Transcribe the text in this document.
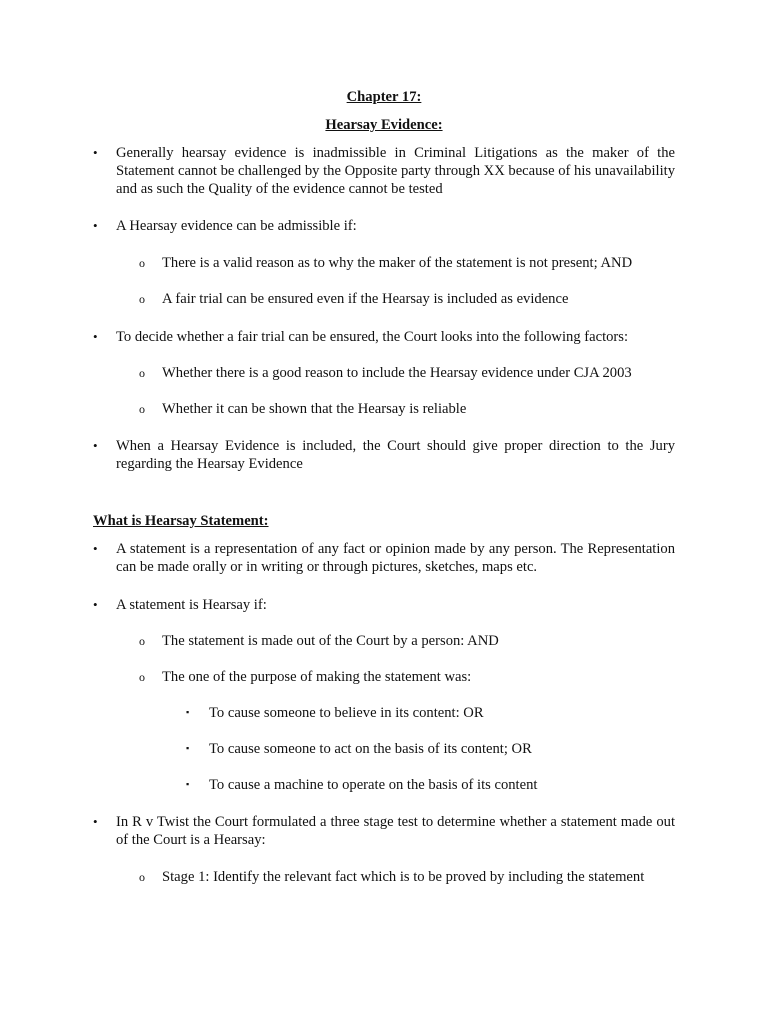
Chapter 17:
Hearsay Evidence:
• Generally hearsay evidence is inadmissible in Criminal Litigations as the maker of the Statement cannot be challenged by the Opposite party through XX because of his unavailability and as such the Quality of the evidence cannot be tested
• A Hearsay evidence can be admissible if:
o There is a valid reason as to why the maker of the statement is not present; AND
o A fair trial can be ensured even if the Hearsay is included as evidence
• To decide whether a fair trial can be ensured, the Court looks into the following factors:
o Whether there is a good reason to include the Hearsay evidence under CJA 2003
o Whether it can be shown that the Hearsay is reliable
• When a Hearsay Evidence is included, the Court should give proper direction to the Jury regarding the Hearsay Evidence
What is Hearsay Statement:
• A statement is a representation of any fact or opinion made by any person. The Representation can be made orally or in writing or through pictures, sketches, maps etc.
• A statement is Hearsay if:
o The statement is made out of the Court by a person: AND
o The one of the purpose of making the statement was:
▪ To cause someone to believe in its content: OR
▪ To cause someone to act on the basis of its content; OR
▪ To cause a machine to operate on the basis of its content
• In R v Twist the Court formulated a three stage test to determine whether a statement made out of the Court is a Hearsay:
o Stage 1: Identify the relevant fact which is to be proved by including the statement
